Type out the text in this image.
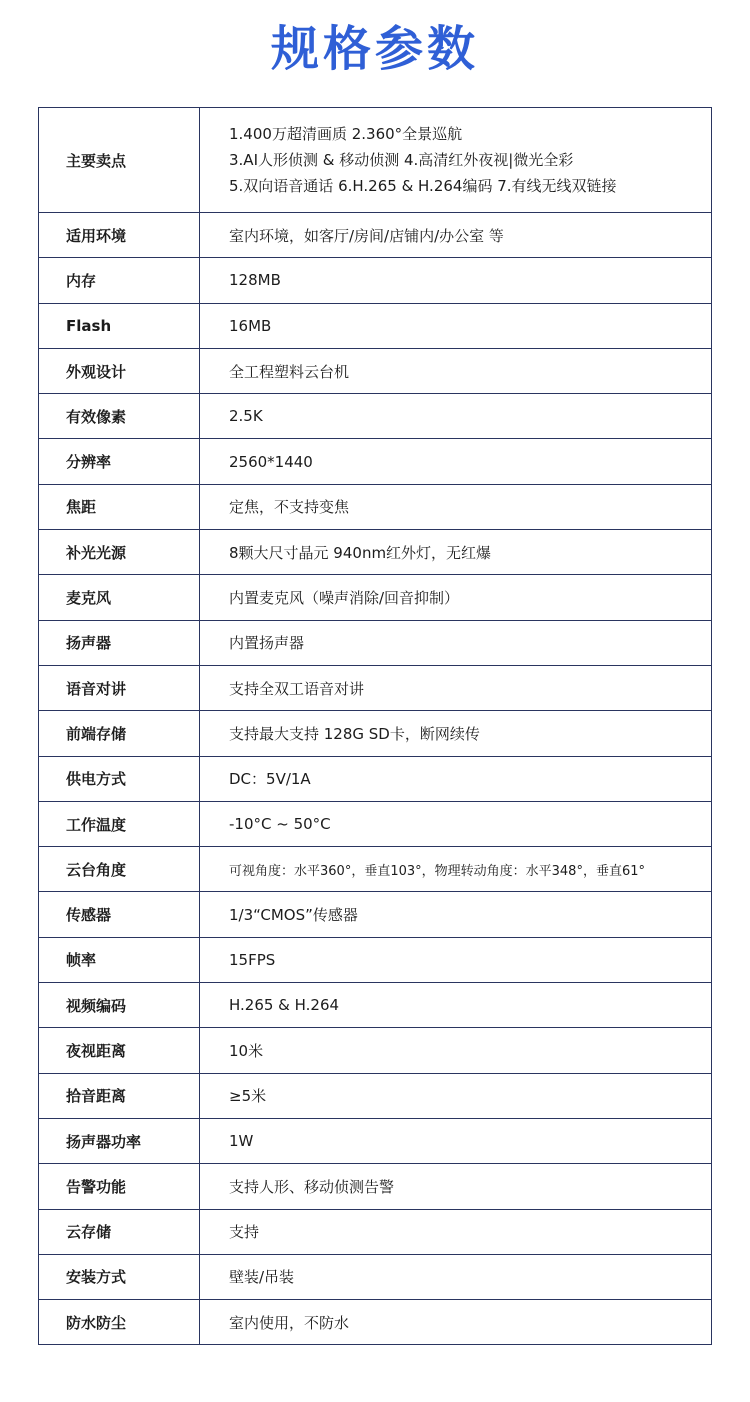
规格参数
主要卖点	1.400万超清画质 2.360°全景巡航
3.AI人形侦测 & 移动侦测 4.高清红外夜视|微光全彩
5.双向语音通话 6.H.265 & H.264编码 7.有线无线双链接

适用环境	室内环境，如客厅/房间/店铺内/办公室 等
内存	128MB
Flash	16MB
外观设计	全工程塑料云台机
有效像素	2.5K
分辨率	2560*1440
焦距	定焦，不支持变焦
补光光源	8颗大尺寸晶元 940nm红外灯，无红爆
麦克风	内置麦克风（噪声消除/回音抑制）
扬声器	内置扬声器
语音对讲	支持全双工语音对讲
前端存储	支持最大支持 128G SD卡，断网续传
供电方式	DC：5V/1A
工作温度	-10°C ~ 50°C
云台角度	可视角度：水平360°，垂直103°，物理转动角度：水平348°，垂直61°
传感器	1/3“CMOS”传感器
帧率	15FPS
视频编码	H.265 & H.264
夜视距离	10米
拾音距离	≥5米
扬声器功率	1W
告警功能	支持人形、移动侦测告警
云存储	支持
安装方式	壁装/吊装
防水防尘	室内使用，不防水
